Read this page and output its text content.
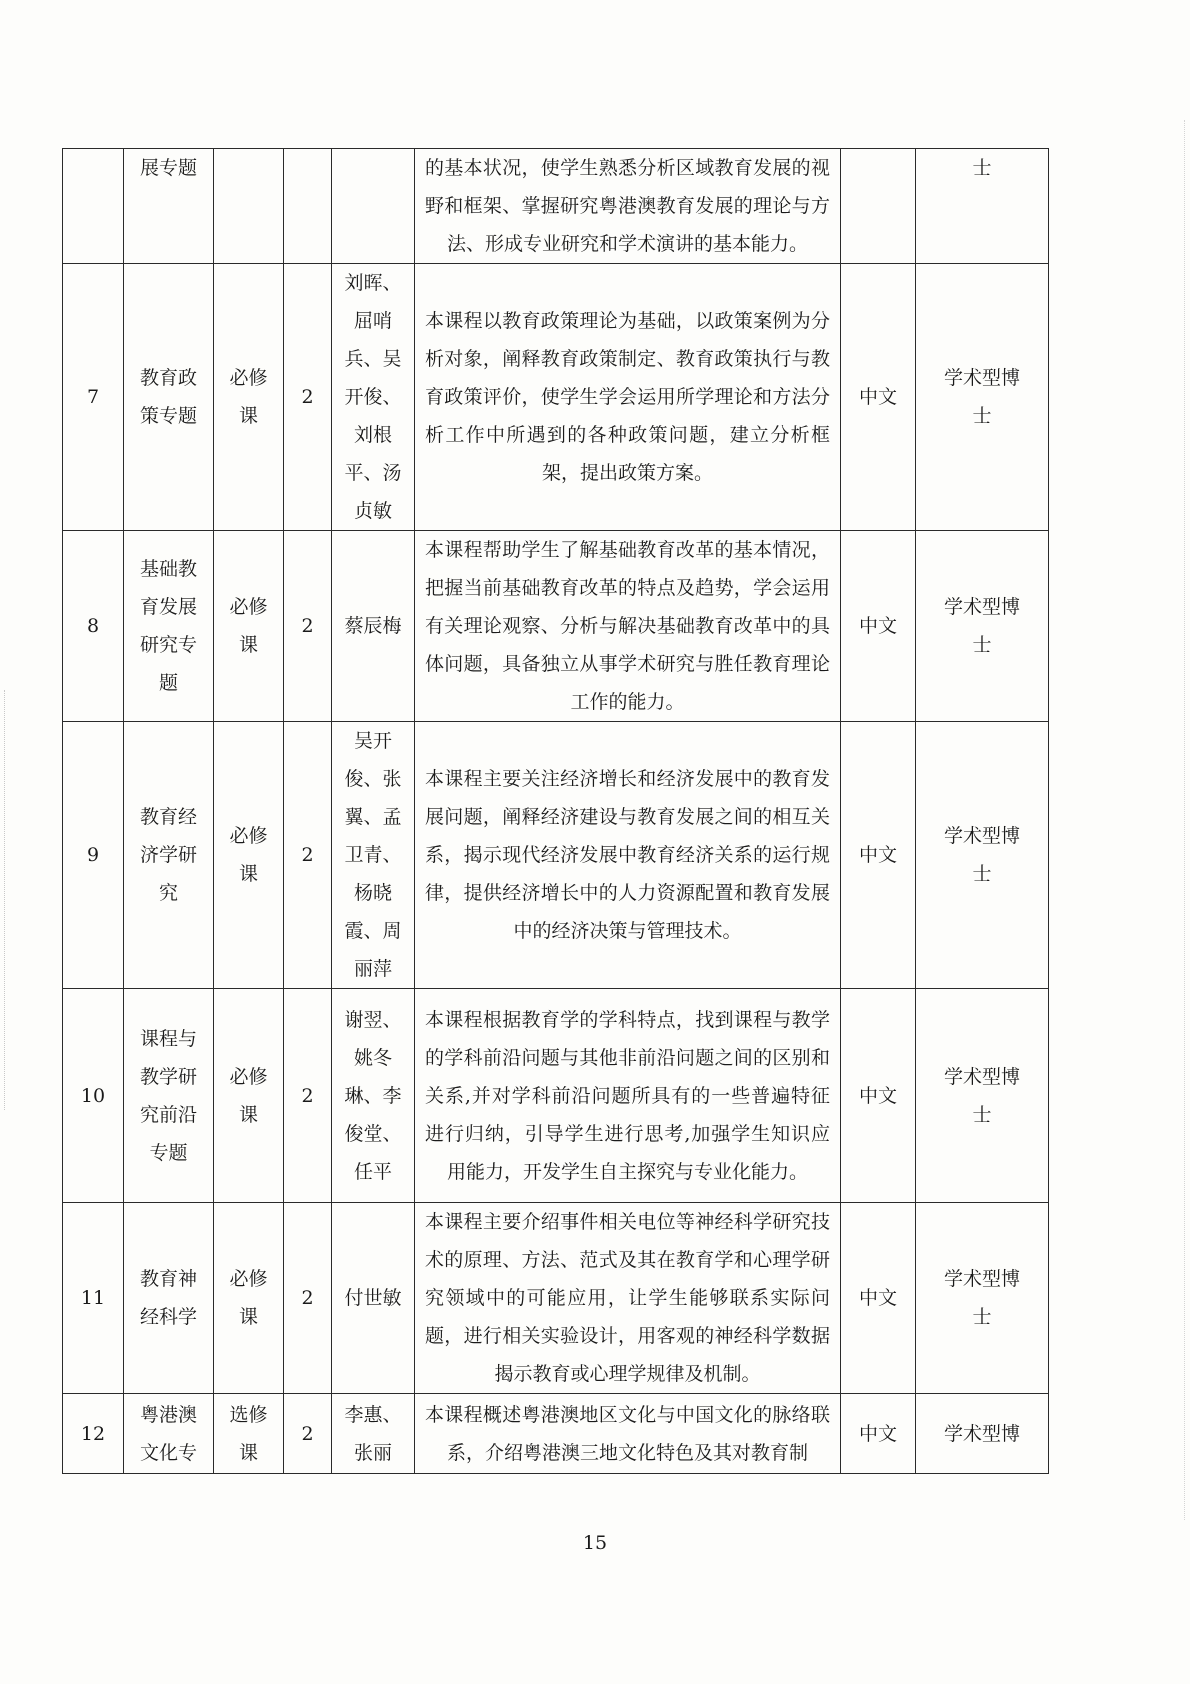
	展专题				的基本状况，使学生熟悉分析区域教育发展的视野和框架、掌握研究粤港澳教育发展的理论与方法、形成专业研究和学术演讲的基本能力。		士
7	教育政策专题	必修课	2	刘晖、屈哨兵、吴开俊、刘根平、汤贞敏	本课程以教育政策理论为基础，以政策案例为分析对象，阐释教育政策制定、教育政策执行与教育政策评价，使学生学会运用所学理论和方法分析工作中所遇到的各种政策问题，建立分析框架，提出政策方案。	中文	学术型博士
8	基础教育发展研究专题	必修课	2	蔡辰梅	本课程帮助学生了解基础教育改革的基本情况，把握当前基础教育改革的特点及趋势，学会运用有关理论观察、分析与解决基础教育改革中的具体问题，具备独立从事学术研究与胜任教育理论工作的能力。	中文	学术型博士
9	教育经济学研究	必修课	2	吴开俊、张翼、孟卫青、杨晓霞、周丽萍	本课程主要关注经济增长和经济发展中的教育发展问题，阐释经济建设与教育发展之间的相互关系，揭示现代经济发展中教育经济关系的运行规律，提供经济增长中的人力资源配置和教育发展中的经济决策与管理技术。	中文	学术型博士
10	课程与教学研究前沿专题	必修课	2	谢翌、姚冬琳、李俊堂、任平	本课程根据教育学的学科特点，找到课程与教学的学科前沿问题与其他非前沿问题之间的区别和关系,并对学科前沿问题所具有的一些普遍特征进行归纳，引导学生进行思考,加强学生知识应用能力，开发学生自主探究与专业化能力。	中文	学术型博士
11	教育神经科学	必修课	2	付世敏	本课程主要介绍事件相关电位等神经科学研究技术的原理、方法、范式及其在教育学和心理学研究领域中的可能应用，让学生能够联系实际问题，进行相关实验设计，用客观的神经科学数据揭示教育或心理学规律及机制。	中文	学术型博士
12	粤港澳文化专	选修课	2	李惠、张丽	本课程概述粤港澳地区文化与中国文化的脉络联系，介绍粤港澳三地文化特色及其对教育制	中文	学术型博
15
